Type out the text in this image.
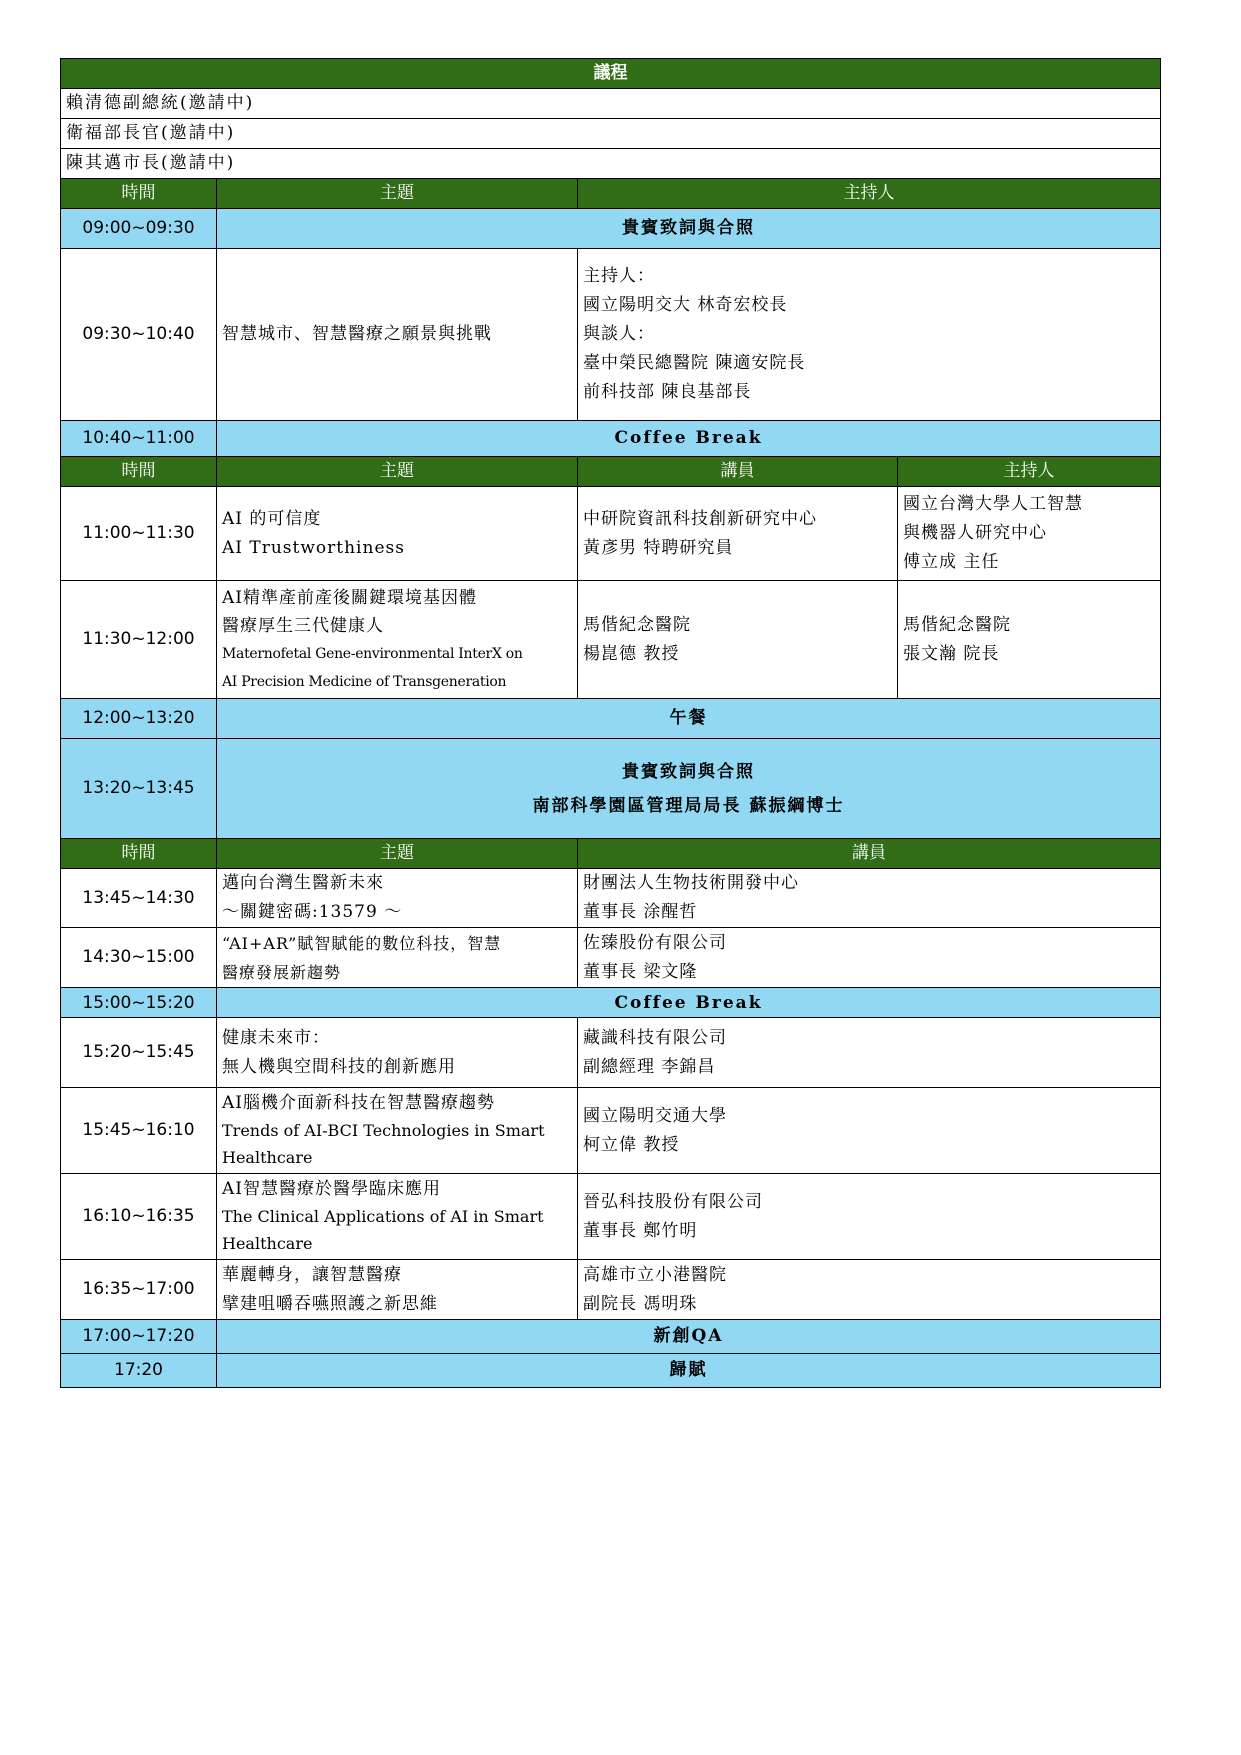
議程			
賴清德副總統(邀請中)			
衛福部長官(邀請中)			
陳其邁市長(邀請中)			
時間	主題	主持人	
09:00~09:30	貴賓致詞與合照		
09:30~10:40	智慧城市、智慧醫療之願景與挑戰	主持人：
國立陽明交大 林奇宏校長
與談人：
臺中榮民總醫院 陳適安院長
前科技部 陳良基部長	

10:40~11:00	Coffee Break		
時間	主題	講員	主持人
11:00~11:30	AI 的可信度
AI Trustworthiness	中研院資訊科技創新研究中心
黃彥男 特聘研究員	國立台灣大學人工智慧
與機器人研究中心
傅立成 主任

11:30~12:00	AI精準產前產後關鍵環境基因體
醫療厚生三代健康人
Maternofetal Gene-environmental InterX on
AI Precision Medicine of Transgeneration	馬偕紀念醫院
楊崑德 教授	馬偕紀念醫院
張文瀚 院長

12:00~13:20	午餐		
13:20~13:45	貴賓致詞與合照
南部科學園區管理局局長 蘇振綱博士		

時間	主題	講員	
13:45~14:30	邁向台灣生醫新未來
～關鍵密碼:13579 ～	財團法人生物技術開發中心
董事長 涂醒哲	

14:30~15:00	“AI+AR”賦智賦能的數位科技，智慧
醫療發展新趨勢	佐臻股份有限公司
董事長 梁文隆	

15:00~15:20	Coffee Break		
15:20~15:45	健康未來市：
無人機與空間科技的創新應用	藏識科技有限公司
副總經理 李錦昌	

15:45~16:10	AI腦機介面新科技在智慧醫療趨勢
Trends of AI-BCI Technologies in Smart
Healthcare	國立陽明交通大學
柯立偉 教授	

16:10~16:35	AI智慧醫療於醫學臨床應用
The Clinical Applications of AI in Smart
Healthcare	晉弘科技股份有限公司
董事長 鄭竹明	

16:35~17:00	華麗轉身，讓智慧醫療
擘建咀嚼吞嚥照護之新思維	高雄市立小港醫院
副院長 馮明珠	

17:00~17:20	新創QA		
17:20	歸賦		
